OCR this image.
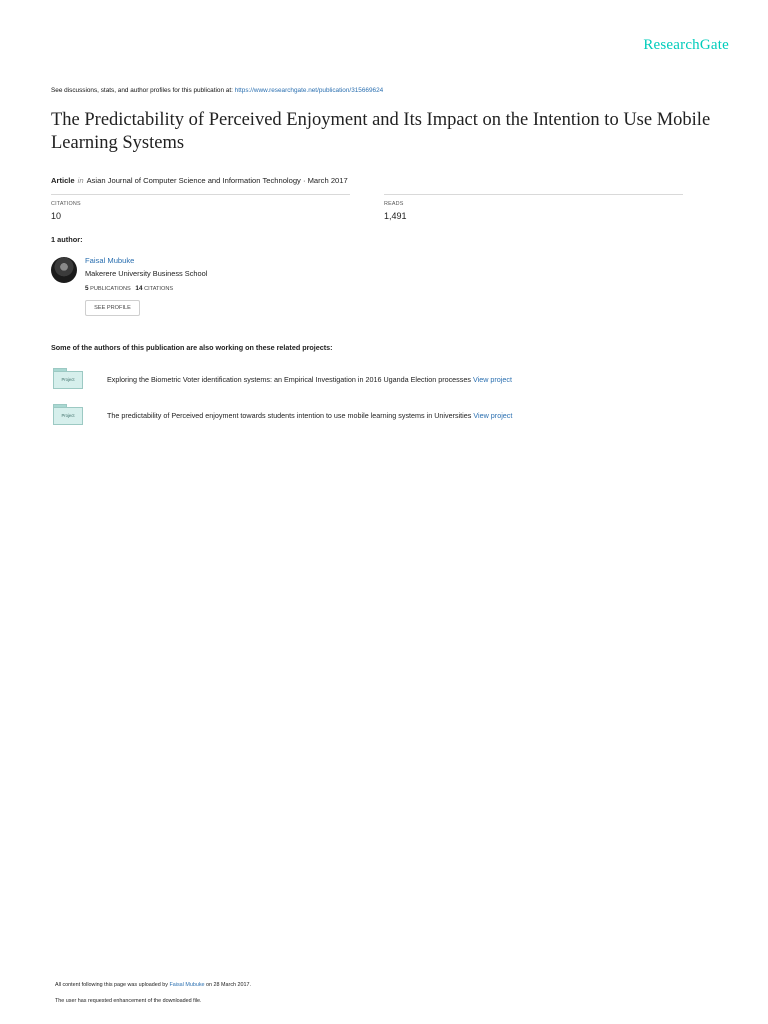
ResearchGate
See discussions, stats, and author profiles for this publication at: https://www.researchgate.net/publication/315669624
The Predictability of Perceived Enjoyment and Its Impact on the Intention to Use Mobile Learning Systems
Article in Asian Journal of Computer Science and Information Technology · March 2017
CITATIONS
10
READS
1,491
1 author:
Faisal Mubuke
Makerere University Business School
5 PUBLICATIONS 14 CITATIONS
SEE PROFILE
Some of the authors of this publication are also working on these related projects:
Project	Exploring the Biometric Voter identification systems: an Empirical Investigation in 2016 Uganda Election processes View project
Project	The predictability of Perceived enjoyment towards students intention to use mobile learning systems in Universities View project
All content following this page was uploaded by Faisal Mubuke on 28 March 2017.
The user has requested enhancement of the downloaded file.
